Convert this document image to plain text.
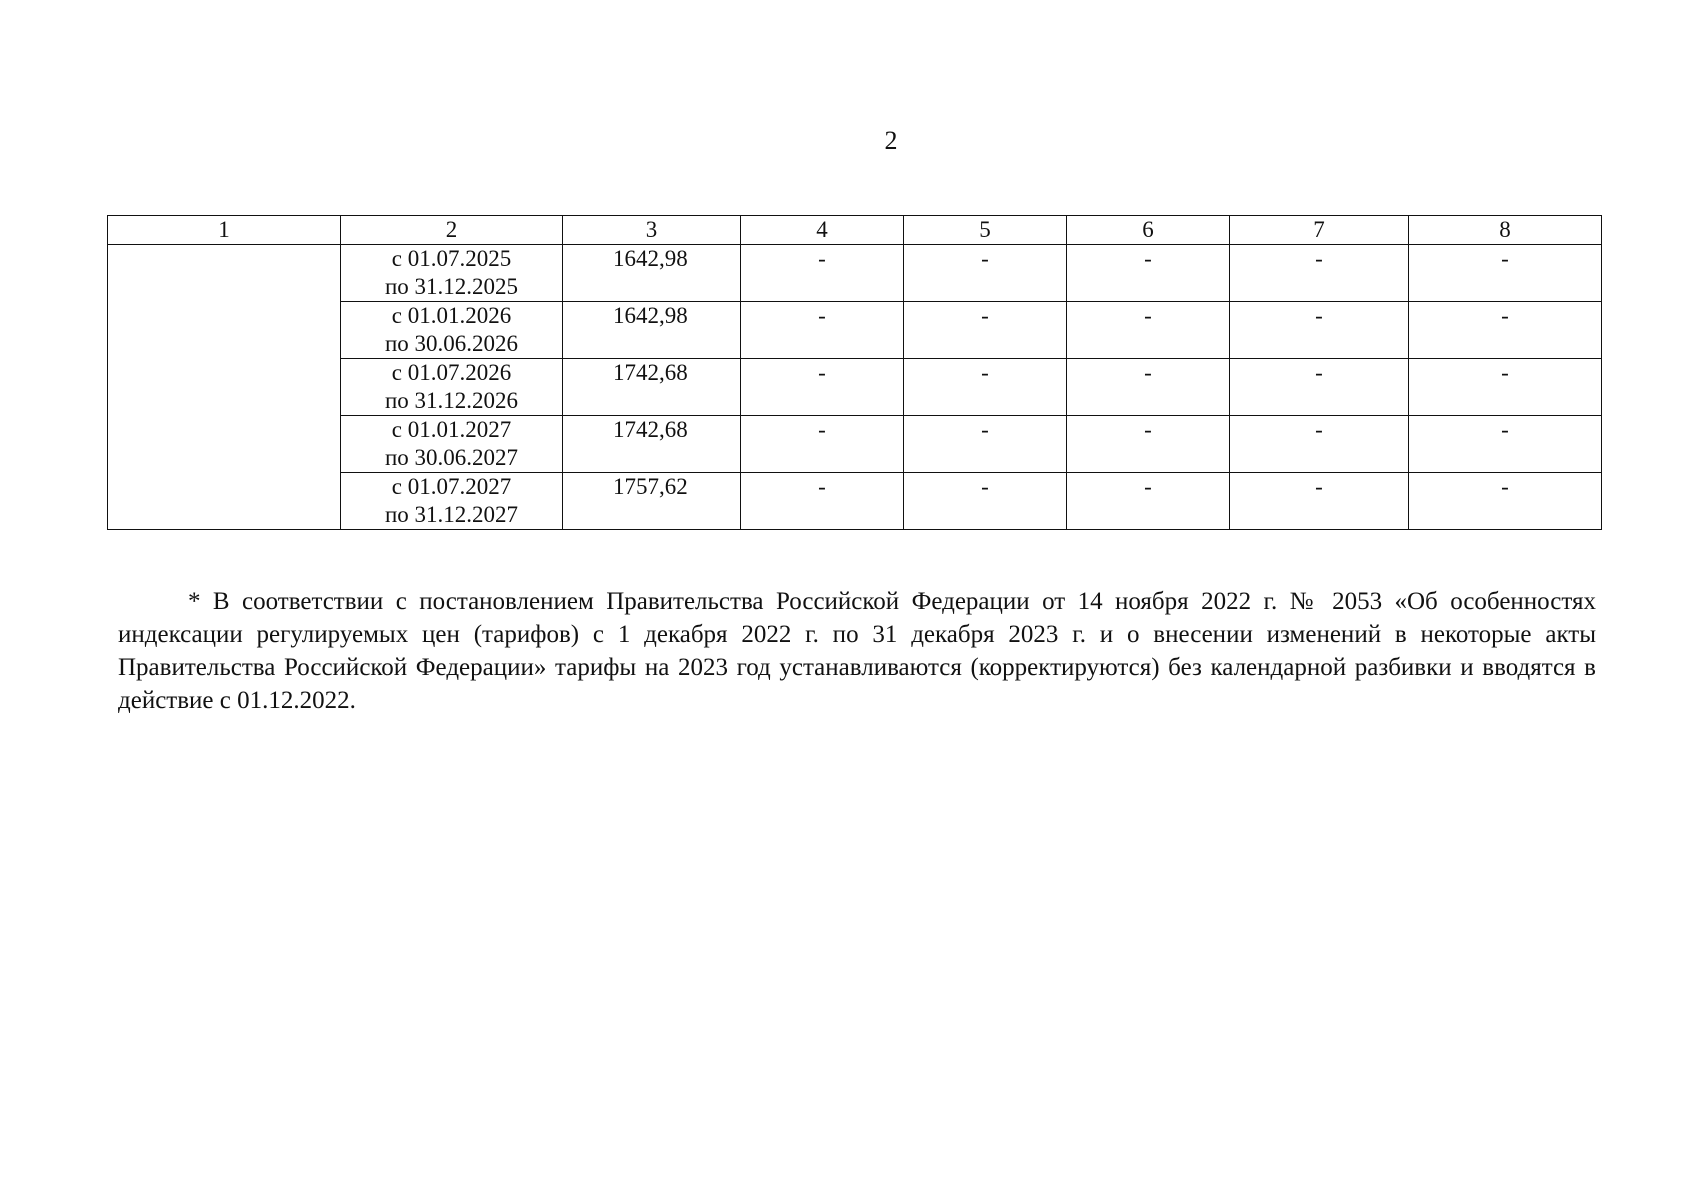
2
1	2	3	4	5	6	7	8

	с 01.07.2025
по 31.12.2025	1642,98	-	-	-	-	-

	с 01.01.2026
по 30.06.2026	1642,98	-	-	-	-	-

	с 01.07.2026
по 31.12.2026	1742,68	-	-	-	-	-

	с 01.01.2027
по 30.06.2027	1742,68	-	-	-	-	-

	с 01.07.2027
по 31.12.2027	1757,62	-	-	-	-	-

* В соответствии с постановлением Правительства Российской Федерации от 14 ноября 2022 г. № 2053 «Об особенностях индексации регулируемых цен (тарифов) с 1 декабря 2022 г. по 31 декабря 2023 г. и о внесении изменений в некоторые акты Правительства Российской Федерации» тарифы на 2023 год устанавливаются (корректируются) без календарной разбивки и вводятся в действие с 01.12.2022.
